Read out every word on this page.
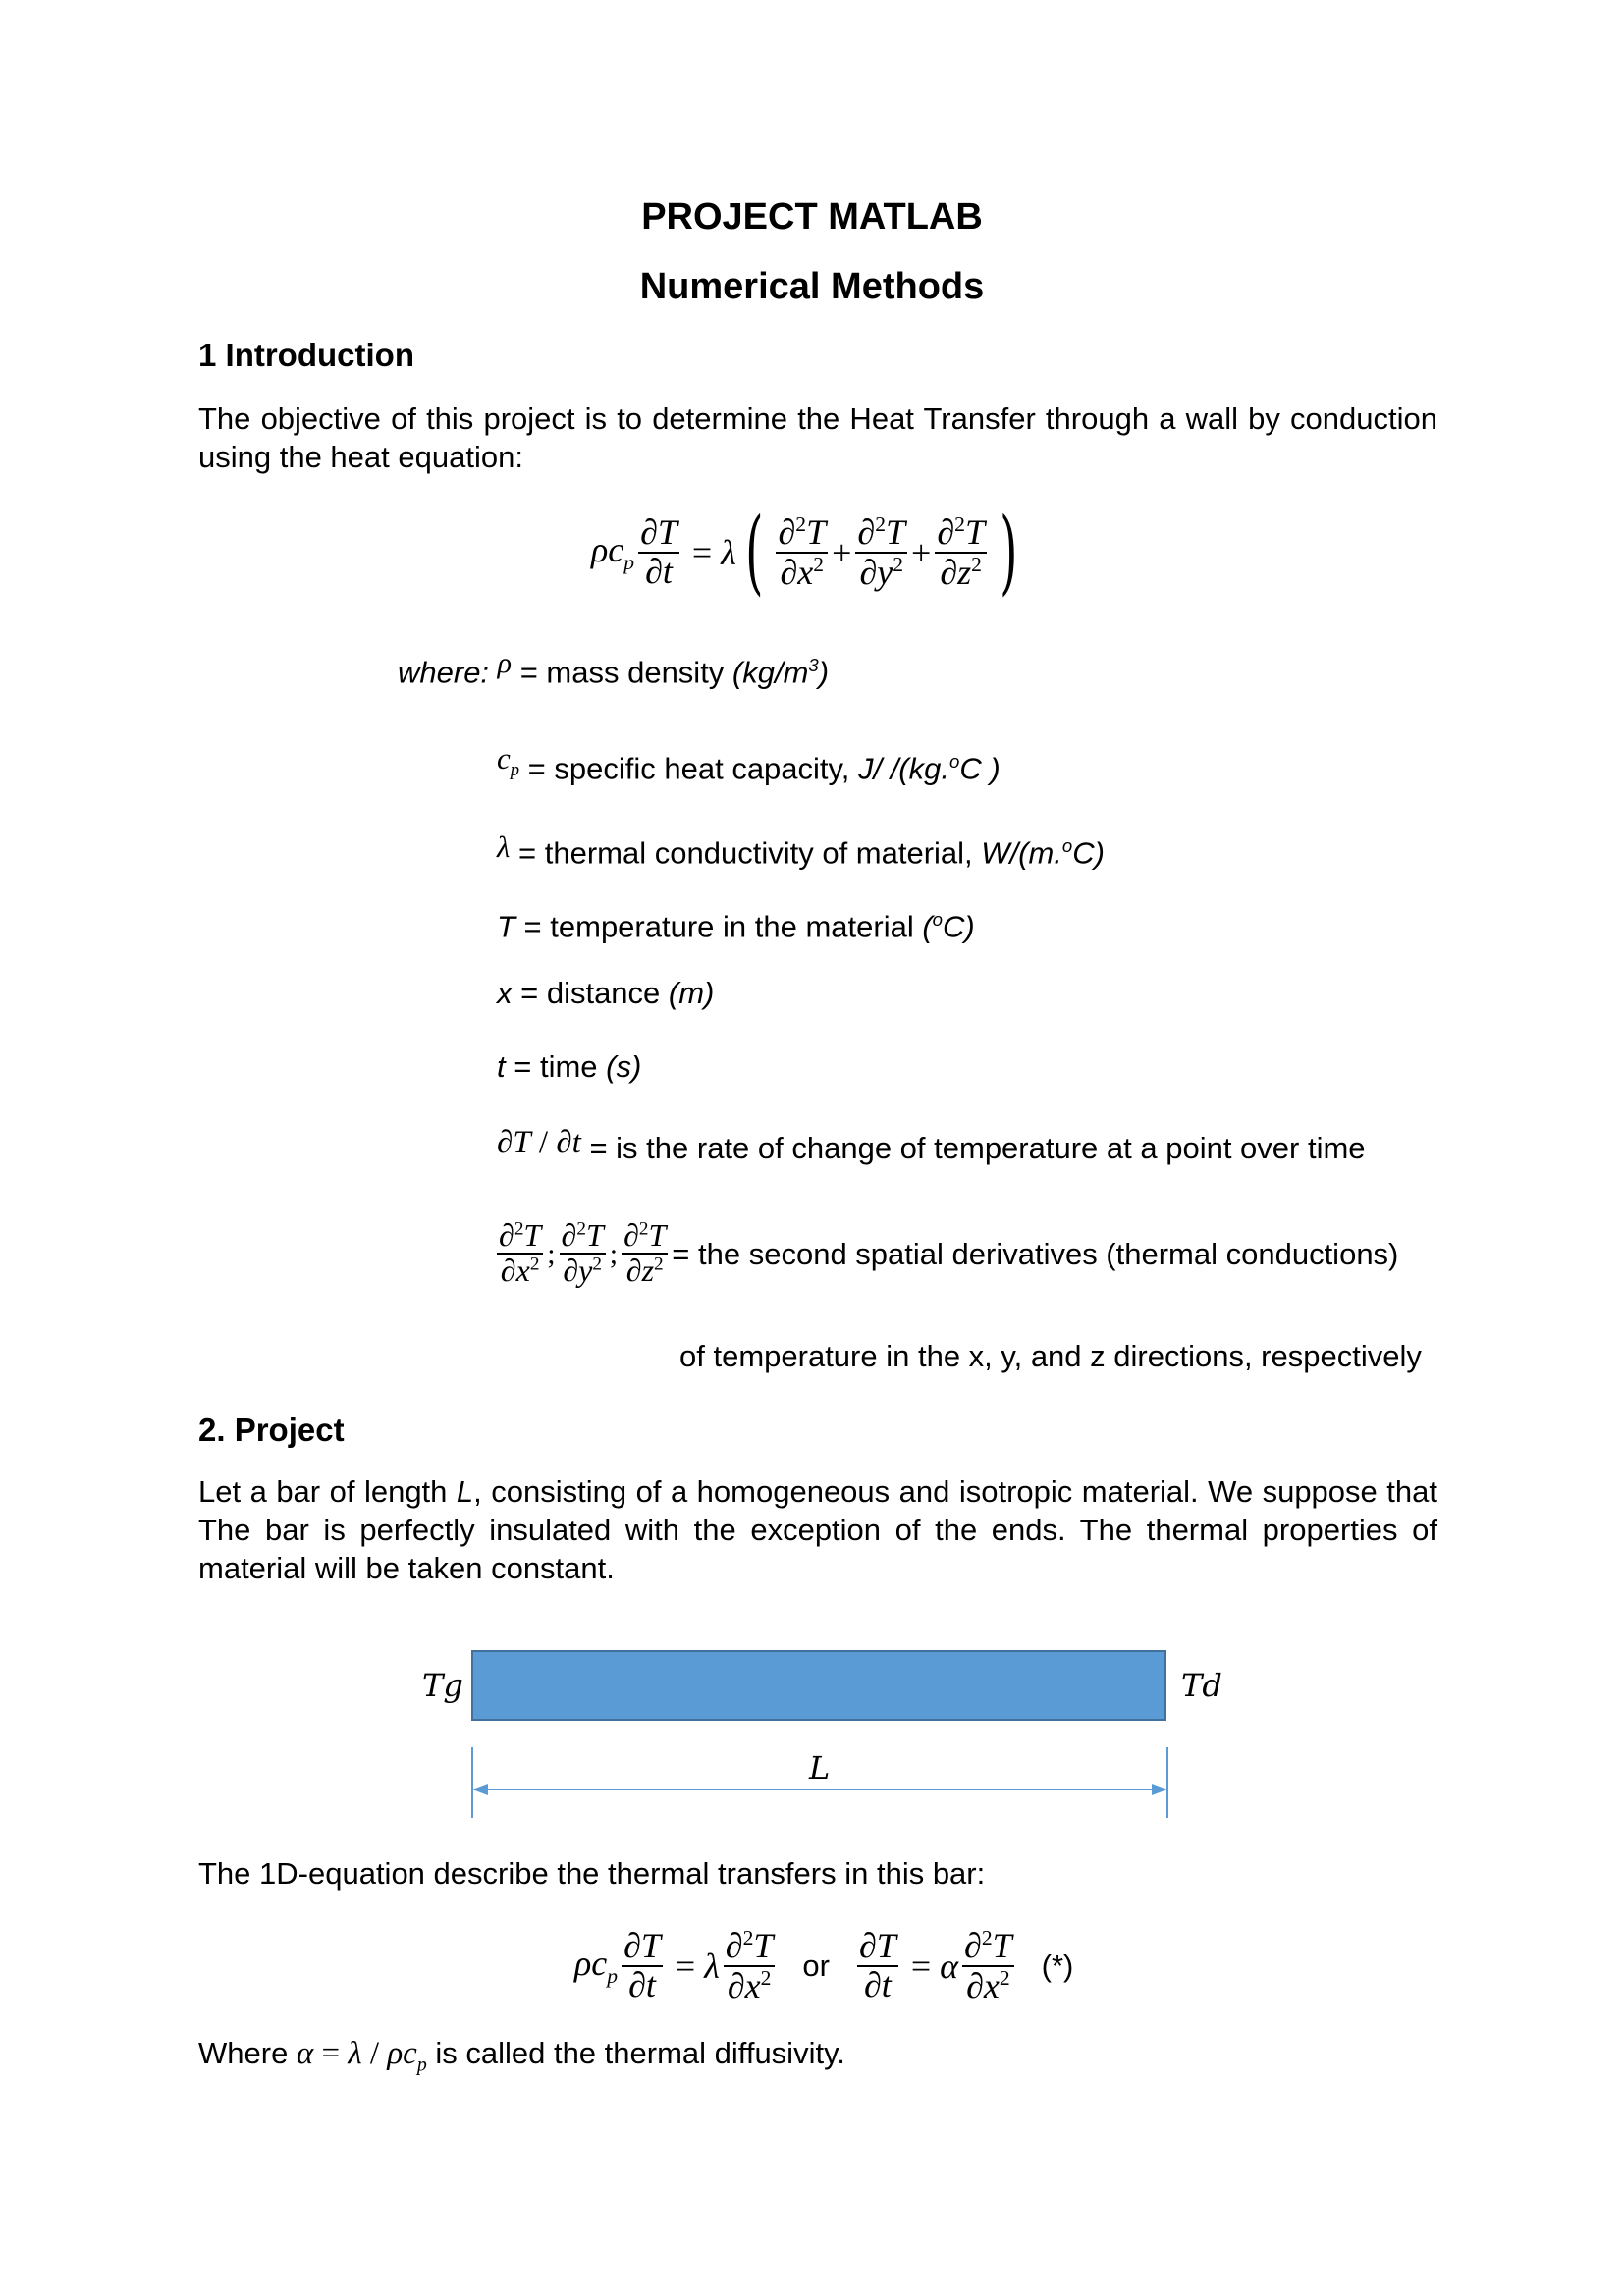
PROJECT MATLAB
Numerical Methods
1 Introduction
The objective of this project is to determine the Heat Transfer through a wall by conduction using the heat equation:
$\rho c_p \frac{\partial T}{\partial t} = \lambda$ ( $\frac{\partial^2T}{\partial x^2} + \frac{\partial^2T}{\partial y^2} + \frac{\partial^2T}{\partial z^2}$ )
where: ρ = mass density $(kg/m^3)$
$c_p$ = specific heat capacity, J/ /(kg.$^o$C )
λ = thermal conductivity of material, W/(m.$^o$C)
T = temperature in the material ($^o$C)
x = distance (m)
t = time (s)
∂T / ∂t = is the rate of change of temperature at a point over time
$\frac{\partial^2T}{\partial x^2}$ ; $\frac{\partial^2T}{\partial y^2}$ ; $\frac{\partial^2T}{\partial z^2}$ = the second spatial derivatives (thermal conductions)
of temperature in the x, y, and z directions, respectively
2. Project
Let a bar of length L, consisting of a homogeneous and isotropic material. We suppose that The bar is perfectly insulated with the exception of the ends. The thermal properties of material will be taken constant.
Tg	Td
L
The 1D-equation describe the thermal transfers in this bar:
$\rho c_p \frac{\partial T}{\partial t} = \lambda \frac{\partial^2T}{\partial x^2}$ or $\frac{\partial T}{\partial t} = \alpha \frac{\partial^2T}{\partial x^2}$ (*)
Where $\alpha = \lambda / \rho c_p$ is called the thermal diffusivity.
